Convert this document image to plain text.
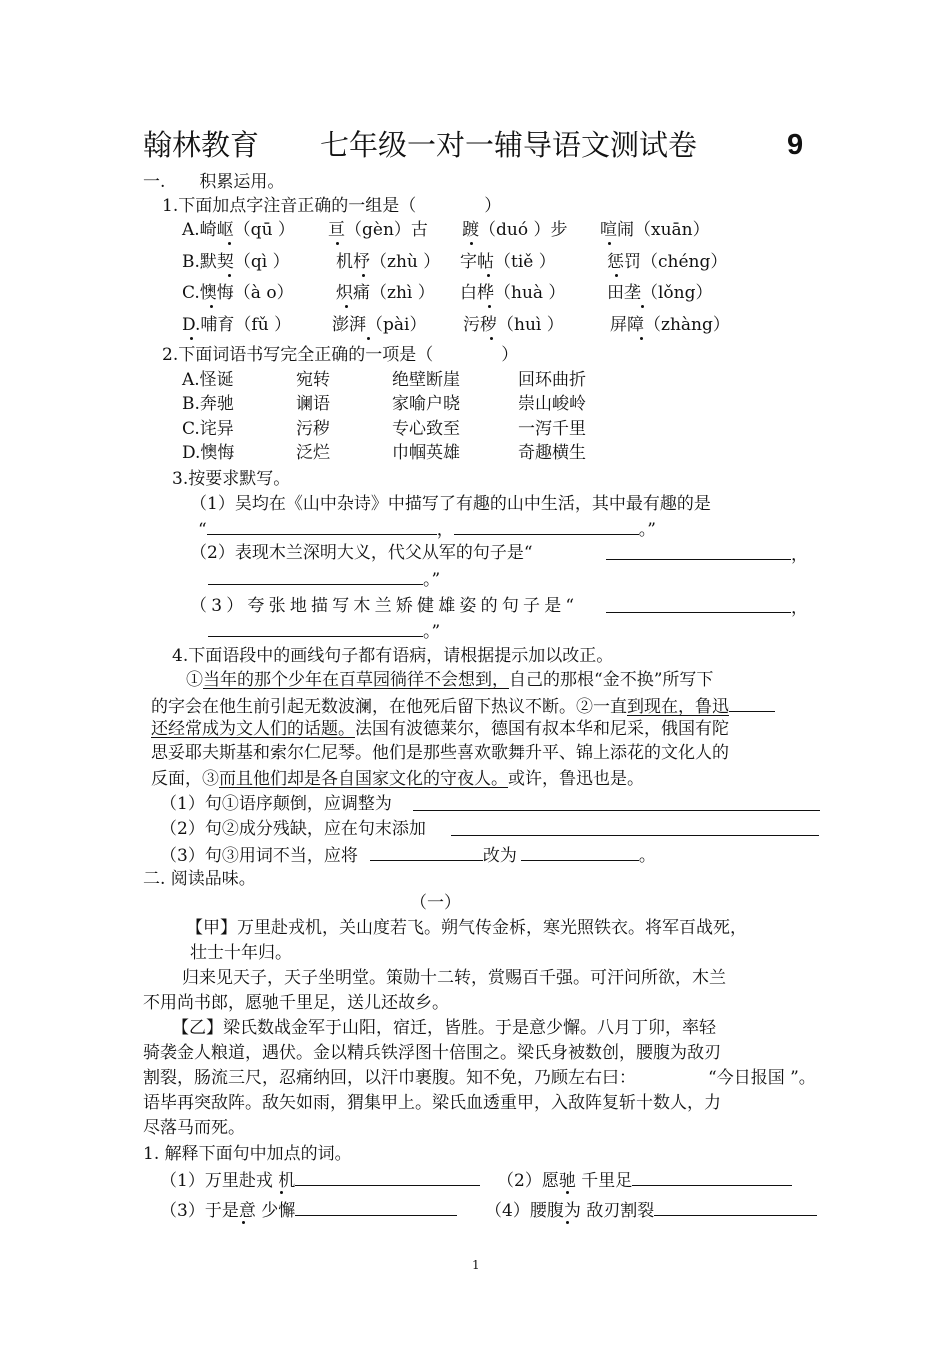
翰林教育 七年级一对一辅导语文测试卷	9
一.　　积累运用。
1.下面加点字注音正确的一组是（　　　　）
A.崎岖（qū ） 亘（gèn）古 踱（duó ）步 喧闹（xuān）
B.默契（qì ）	机杼（zhù ） 字帖（tiě ）	惩罚（chéng）
C.懊悔（à o） 炽痛（zhì ） 白桦（huà ） 田垄（lǒng）
D.哺育（fǔ ） 澎湃（pài） 污秽（huì ）	屏障（zhàng）
2.下面词语书写完全正确的一项是（　　　　）
A.怪诞	宛转	绝壁断崖	回环曲折
B.奔驰	谰语	家喻户晓	崇山峻岭
C.诧异	污秽	专心致至	一泻千里
D.懊悔	泛烂	巾帼英雄	奇趣横生
3.按要求默写。
（1）吴均在《山中杂诗》中描写了有趣的山中生活，其中最有趣的是
“	，	。”
（2）表现木兰深明大义，代父从军的句子是“	，
。”
（3）夸张地描写木兰矫健雄姿的句子是“	，
。”
4.下面语段中的画线句子都有语病，请根据提示加以改正。
①当年的那个少年在百草园徜徉不会想到，自己的那根“金不换”所写下
的字会在他生前引起无数波澜，在他死后留下热议不断。②一直到现在，鲁迅
还经常成为文人们的话题。法国有波德莱尔，德国有叔本华和尼采，俄国有陀
思妥耶夫斯基和索尔仁尼琴。他们是那些喜欢歌舞升平、锦上添花的文化人的
反面，③而且他们却是各自国家文化的守夜人。或许，鲁迅也是。
（1）句①语序颠倒，应调整为
（2）句②成分残缺，应在句末添加
（3）句③用词不当，应将	改为	。
二. 阅读品味。
（一）
【甲】万里赴戎机，关山度若飞。朔气传金柝，寒光照铁衣。将军百战死，
壮士十年归。
归来见天子，天子坐明堂。策勋十二转，赏赐百千强。可汗问所欲，木兰
不用尚书郎，愿驰千里足，送儿还故乡。
【乙】梁氏数战金军于山阳，宿迁，皆胜。于是意少懈。八月丁卯，率轻
骑袭金人粮道，遇伏。金以精兵铁浮图十倍围之。梁氏身被数创，腰腹为敌刃
割裂，肠流三尺，忍痛纳回，以汗巾裹腹。知不免，乃顾左右曰：	“今日报国 ”。
语毕再突敌阵。敌矢如雨，猬集甲上。梁氏血透重甲，入敌阵复斩十数人，力
尽落马而死。
1. 解释下面句中加点的词。
（1）万里赴戎 机	（2）愿驰 千里足
（3）于是意 少懈	（4）腰腹为 敌刃割裂
1
